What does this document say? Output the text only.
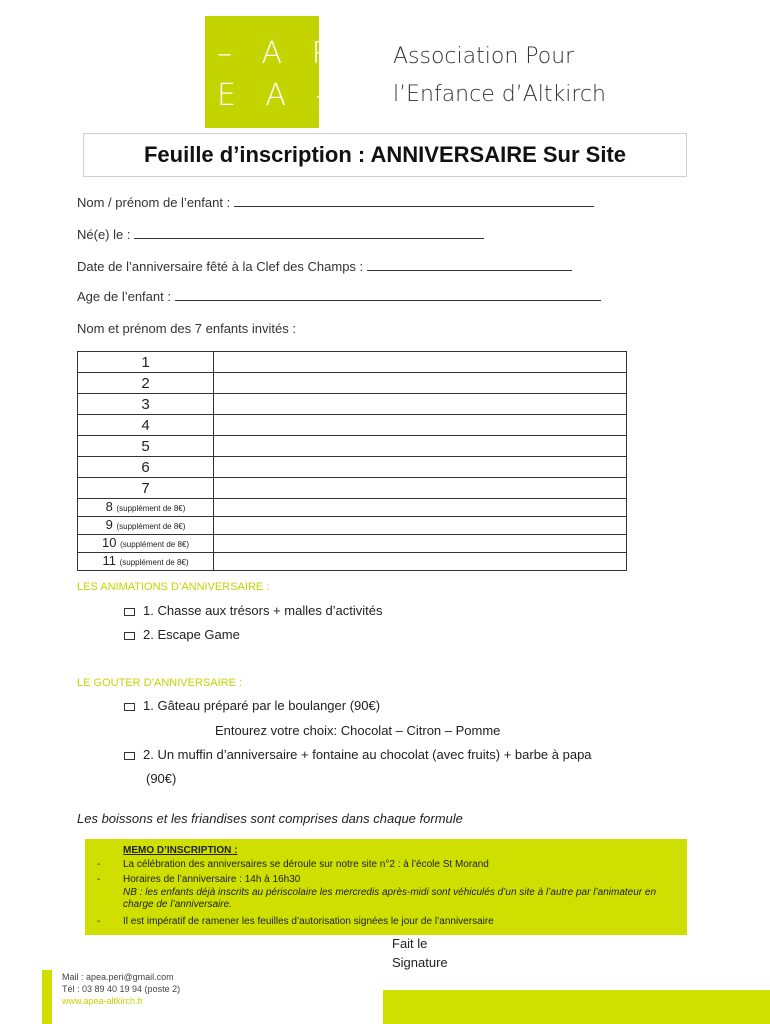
– A P
E A –
Association Pour
l’Enfance d’Altkirch
Feuille d’inscription : ANNIVERSAIRE Sur Site
Nom / prénom de l’enfant :
Né(e) le :
Date de l’anniversaire fêté à la Clef des Champs :
Age de l’enfant :
Nom et prénom des 7 enfants invités :
1	
2	
3	
4	
5	
6	
7	
8 (supplément de 8€)	
9 (supplément de 8€)	
10 (supplément de 8€)	
11 (supplément de 8€)	
LES ANIMATIONS D’ANNIVERSAIRE :
1. Chasse aux trésors + malles d’activités
2. Escape Game
LE GOUTER D’ANNIVERSAIRE :
1. Gâteau préparé par le boulanger (90€)
Entourez votre choix: Chocolat – Citron – Pomme
2. Un muffin d’anniversaire + fontaine au chocolat (avec fruits) + barbe à papa
(90€)
Les boissons et les friandises sont comprises dans chaque formule
MEMO D’INSCRIPTION :
- La célébration des anniversaires se déroule sur notre site n°2 : à l’école St Morand
- Horaires de l’anniversaire : 14h à 16h30
NB : les enfants déjà inscrits au périscolaire les mercredis après-midi sont véhiculés d’un site à l’autre par l’animateur en charge de l’anniversaire.
- Il est impératif de ramener les feuilles d’autorisation signées le jour de l’anniversaire
Fait le
Signature
Mail : apea.peri@gmail.com
Tél : 03 89 40 19 94 (poste 2)
www.apea-altkirch.fr
